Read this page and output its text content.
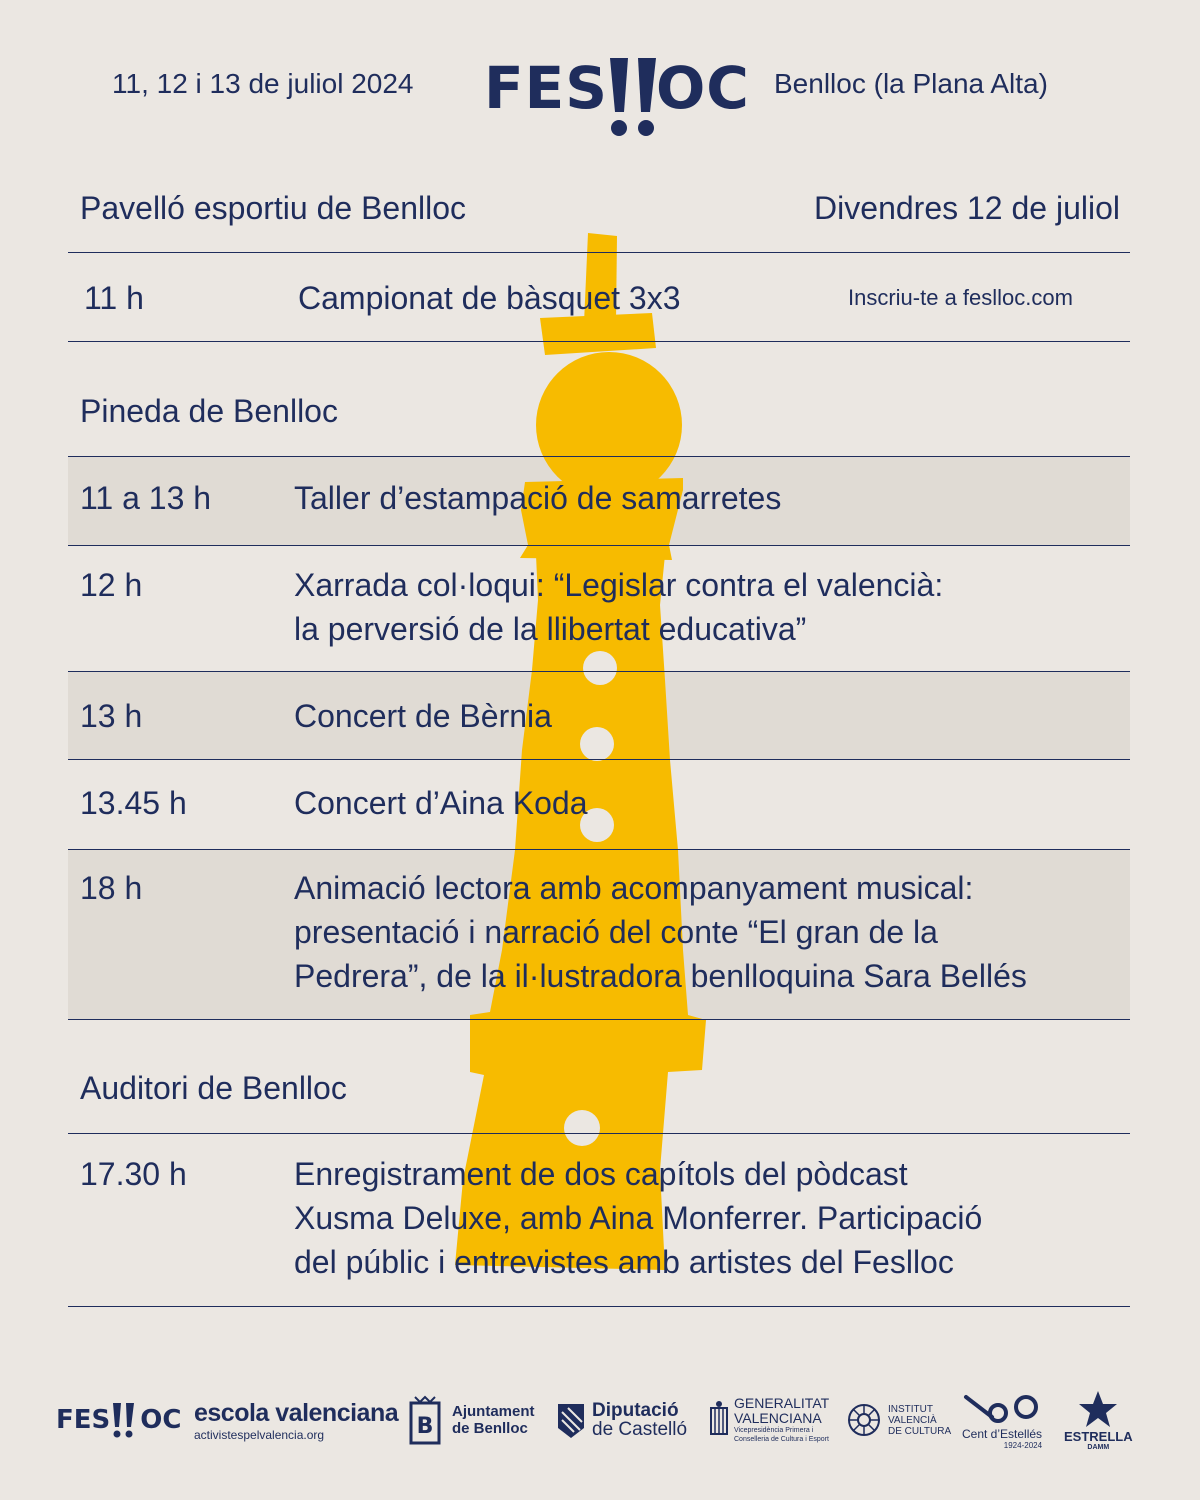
11, 12 i 13 de juliol 2024 FES OC Benlloc (la Plana Alta)
Pavelló esportiu de Benlloc	Divendres 12 de juliol
11 h	Campionat de bàsquet 3x3	Inscriu-te a feslloc.com
Pineda de Benlloc
11 a 13 h	Taller d’estampació de samarretes
12 h	Xarrada col·loqui: “Legislar contra el valencià:
la perversió de la llibertat educativa”
13 h	Concert de Bèrnia
13.45 h	Concert d’Aina Koda
18 h	Animació lectora amb acompanyament musical:
presentació i narració del conte “El gran de la
Pedrera”, de la il·lustradora benlloquina Sara Bellés
Auditori de Benlloc
17.30 h	Enregistrament de dos capítols del pòdcast
Xusma Deluxe, amb Aina Monferrer. Participació
del públic i entrevistes amb artistes del Feslloc
FES OC escola valenciana
activistespelvalencia.org	B
Ajuntament
de Benlloc
Diputació
de Castelló
GENERALITAT
VALENCIANA
Vicepresidència Primera i
Conselleria de Cultura i Esport
INSTITUT
VALENCIÀ
DE CULTURA Cent d’Estellés
1924-2024
ESTRELLA
DAMM
